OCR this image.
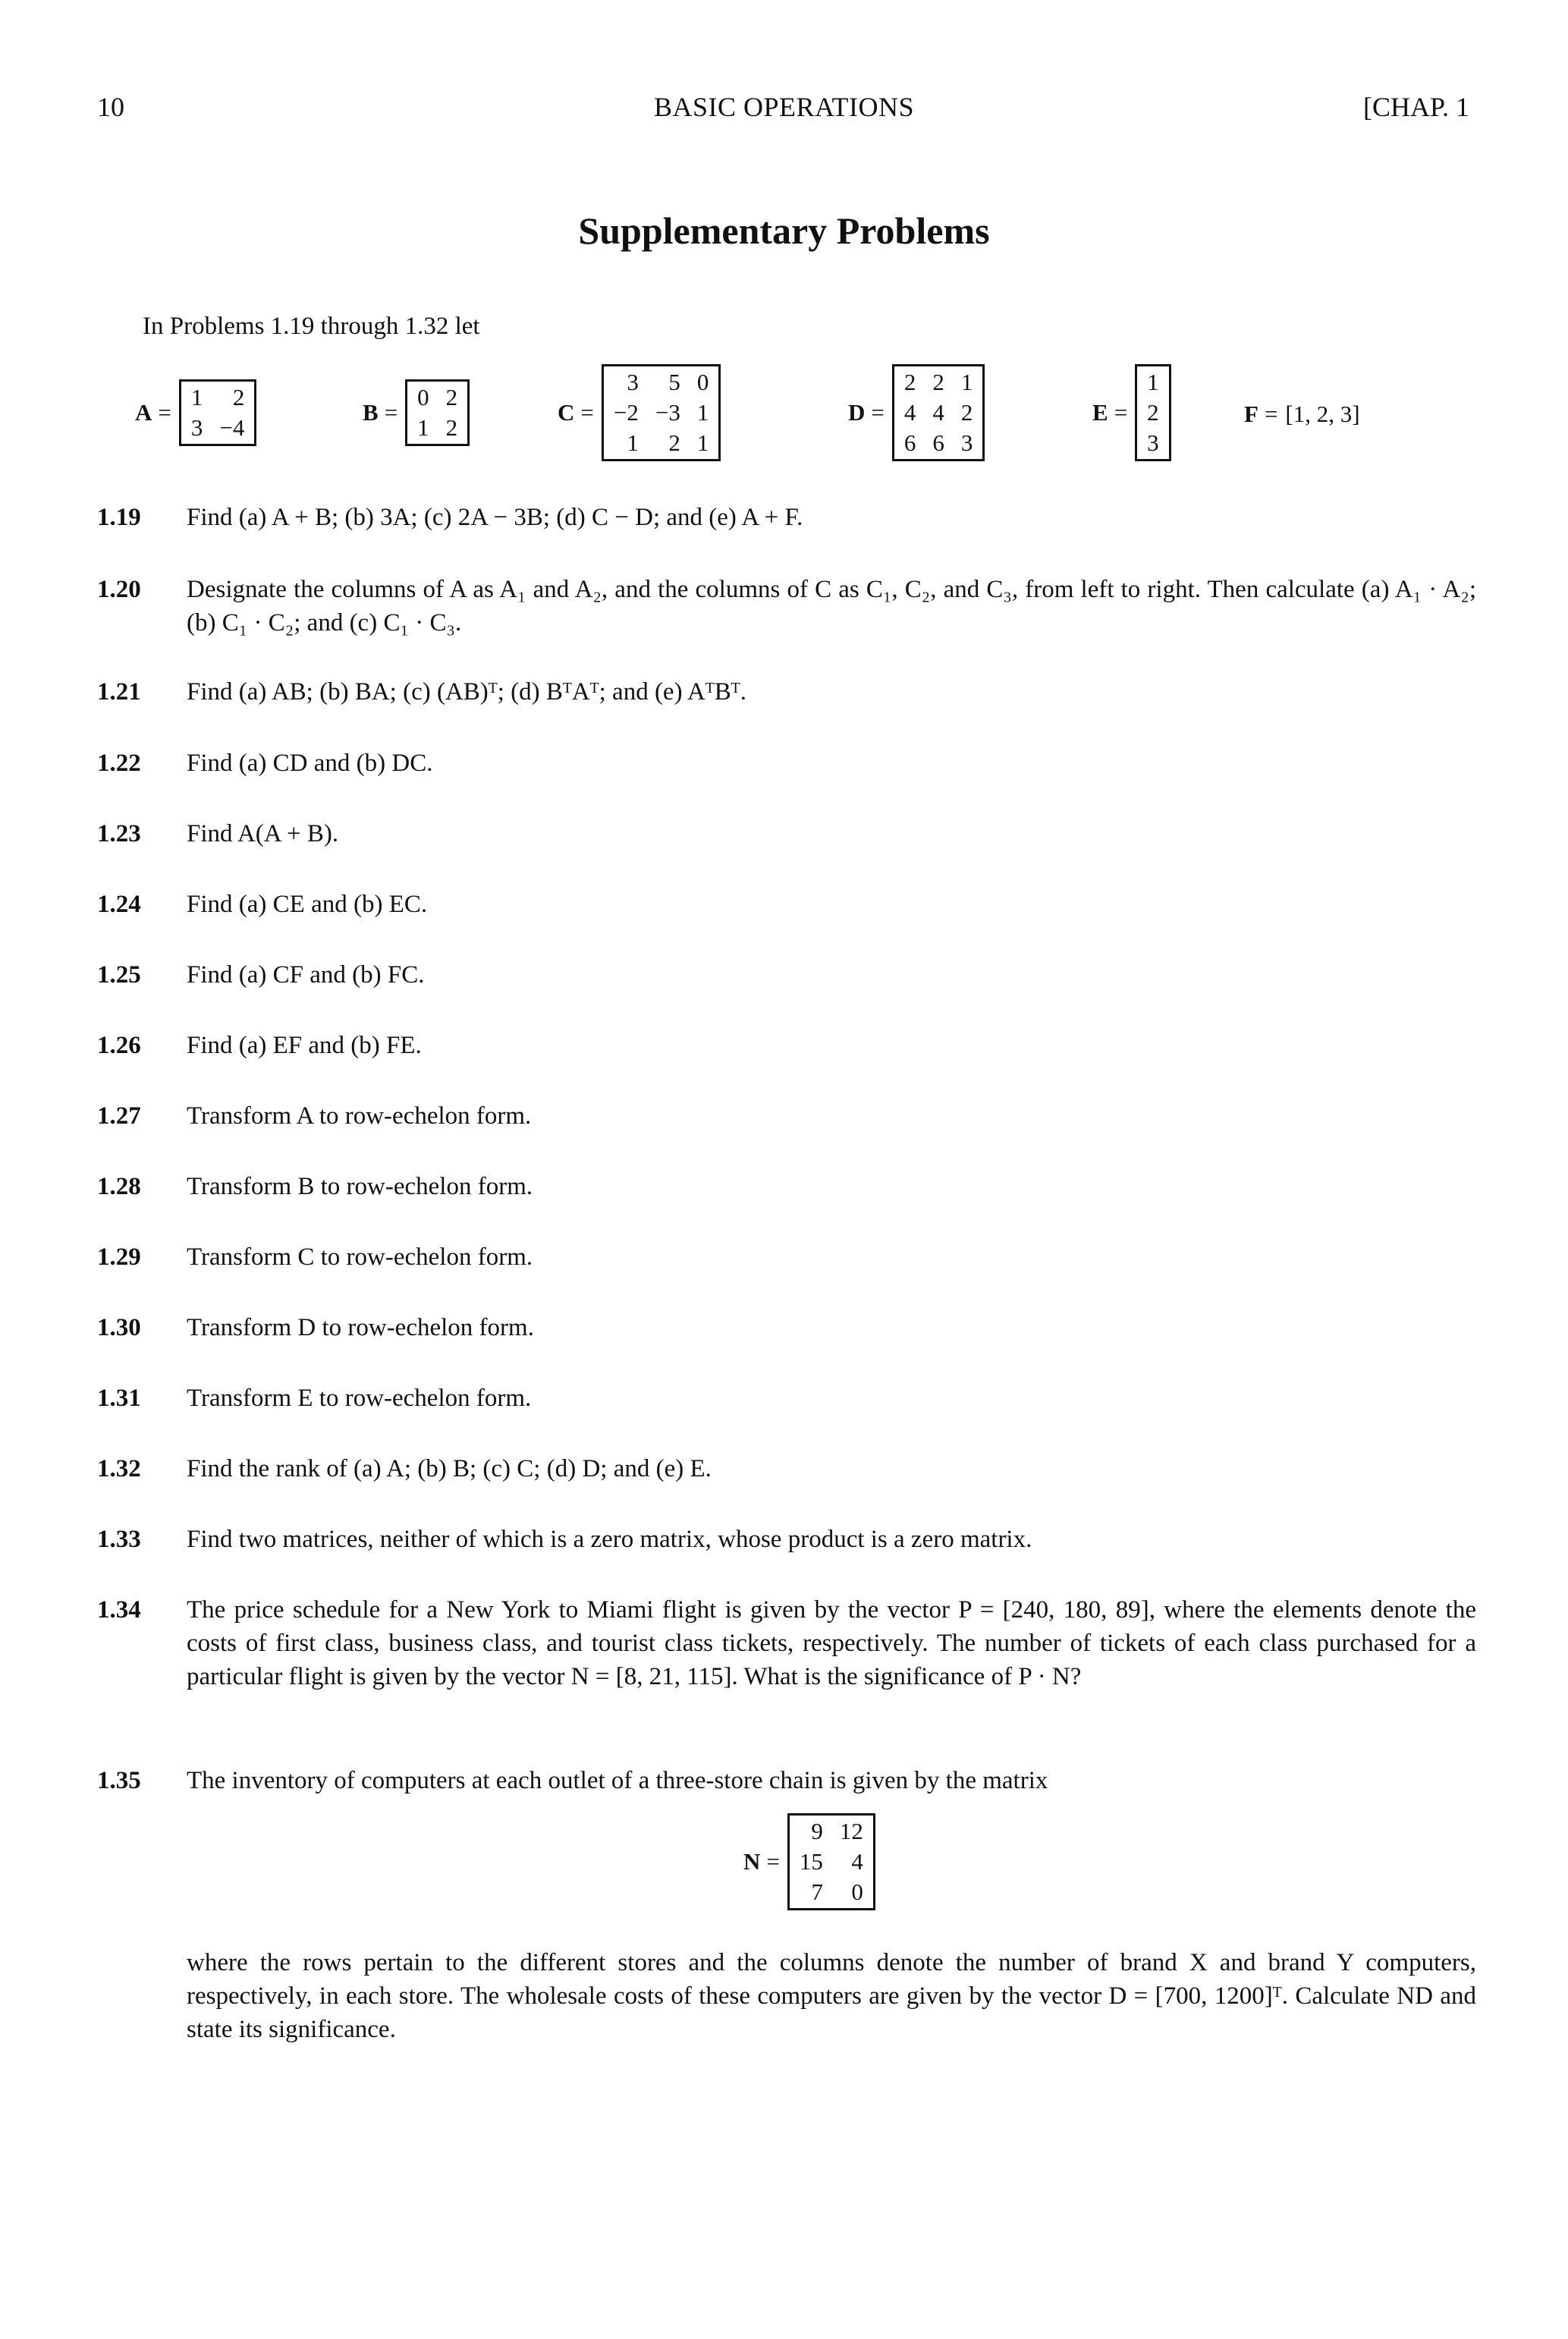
10	BASIC OPERATIONS	[CHAP. 1
Supplementary Problems
In Problems 1.19 through 1.32 let
A =
1	2
3 −4
B =
0 2
1 2
C =
3	5 0
−2 −3 1
1	2 1
D =
2 2 1
4 4 2
6 6 3
E =
1
2
3
F = [1, 2, 3]
1.19 Find (a) A + B; (b) 3A; (c) 2A − 3B; (d) C − D; and (e) A + F.
1.20 Designate the columns of A as A₁ and A₂, and the columns of C as C₁, C₂, and C₃, from left to right. Then calculate (a) A₁ · A₂; (b) C₁ · C₂; and (c) C₁ · C₃.
1.21 Find (a) AB; (b) BA; (c) (AB)ᵀ; (d) BᵀAᵀ; and (e) AᵀBᵀ.
1.22 Find (a) CD and (b) DC.
1.23 Find A(A + B).
1.24 Find (a) CE and (b) EC.
1.25 Find (a) CF and (b) FC.
1.26 Find (a) EF and (b) FE.
1.27 Transform A to row-echelon form.
1.28 Transform B to row-echelon form.
1.29 Transform C to row-echelon form.
1.30 Transform D to row-echelon form.
1.31 Transform E to row-echelon form.
1.32 Find the rank of (a) A; (b) B; (c) C; (d) D; and (e) E.
1.33 Find two matrices, neither of which is a zero matrix, whose product is a zero matrix.
1.34 The price schedule for a New York to Miami flight is given by the vector P = [240, 180, 89], where the elements denote the costs of first class, business class, and tourist class tickets, respectively. The number of tickets of each class purchased for a particular flight is given by the vector N = [8, 21, 115]. What is the significance of P · N?
1.35 The inventory of computers at each outlet of a three-store chain is given by the matrix
N =
9 12
15	4
7	0
where the rows pertain to the different stores and the columns denote the number of brand X and brand Y computers, respectively, in each store. The wholesale costs of these computers are given by the vector D = [700, 1200]ᵀ. Calculate ND and state its significance.
